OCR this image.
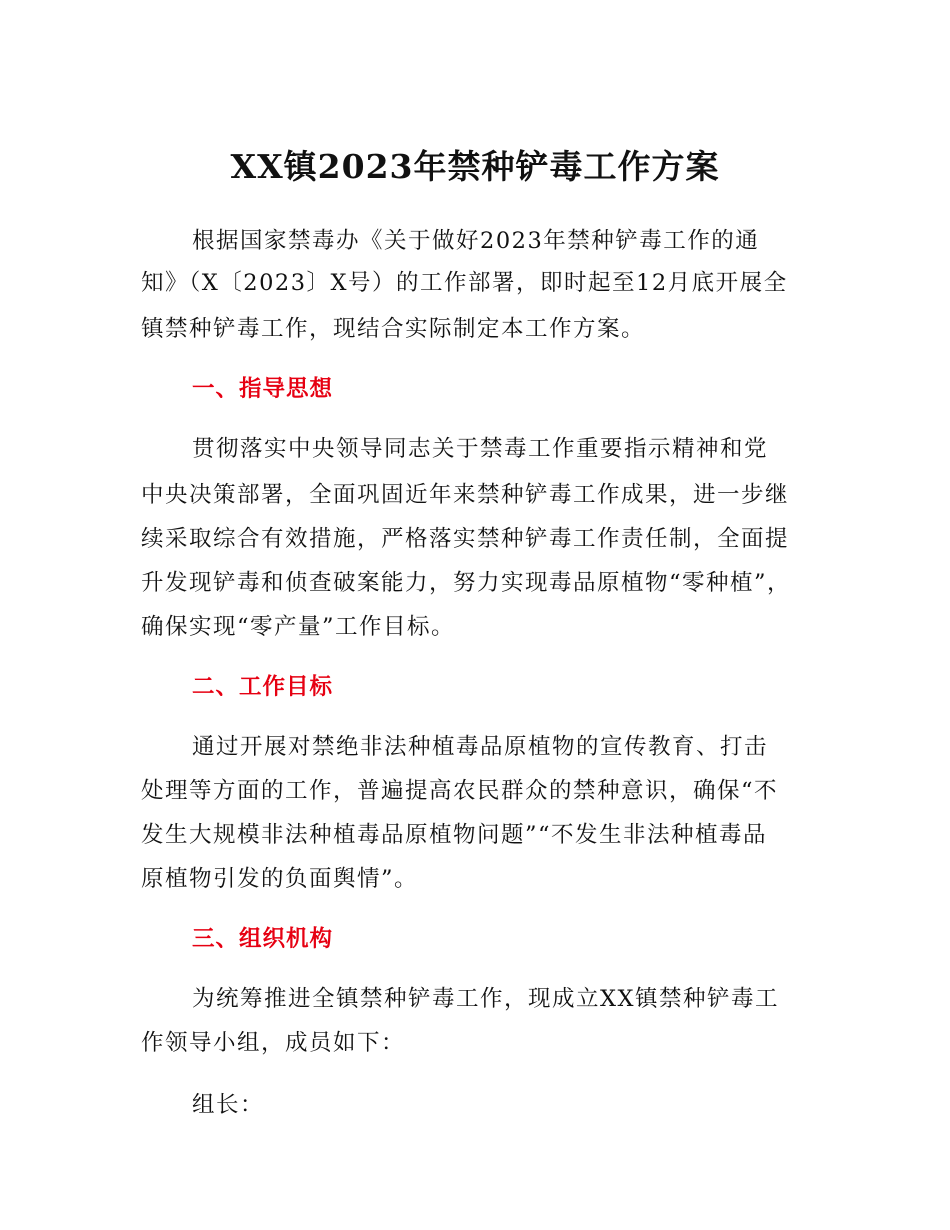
XX镇2023年禁种铲毒工作方案

根据国家禁毒办《关于做好2023年禁种铲毒工作的通

知》（X〔2023〕X号）的工作部署，即时起至12月底开展全

镇禁种铲毒工作，现结合实际制定本工作方案。

一、指导思想

贯彻落实中央领导同志关于禁毒工作重要指示精神和党

中央决策部署，全面巩固近年来禁种铲毒工作成果，进一步继

续采取综合有效措施，严格落实禁种铲毒工作责任制，全面提

升发现铲毒和侦查破案能力，努力实现毒品原植物“零种植”，

确保实现“零产量”工作目标。

二、工作目标

通过开展对禁绝非法种植毒品原植物的宣传教育、打击

处理等方面的工作，普遍提高农民群众的禁种意识，确保“不

发生大规模非法种植毒品原植物问题”“不发生非法种植毒品

原植物引发的负面舆情”。

三、组织机构

为统筹推进全镇禁种铲毒工作，现成立XX镇禁种铲毒工

作领导小组，成员如下：

组长：
